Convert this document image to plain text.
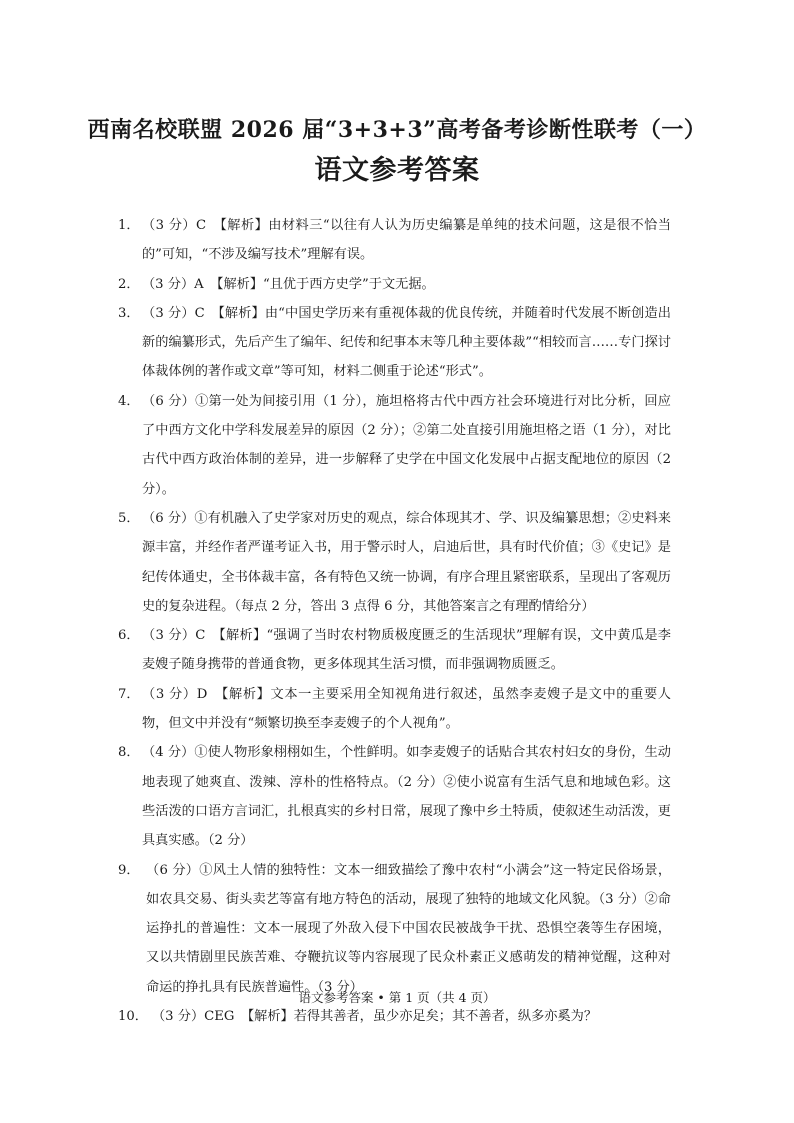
西南名校联盟 2026 届“3+3+3”高考备考诊断性联考（一）
语文参考答案
1． （3 分）C　【解析】由材料三“以往有人认为历史编纂是单纯的技术问题，这是很不恰当的”可知，“不涉及编写技术”理解有误。
2． （3 分）A　【解析】“且优于西方史学”于文无据。
3． （3 分）C　【解析】由“中国史学历来有重视体裁的优良传统，并随着时代发展不断创造出新的编纂形式，先后产生了编年、纪传和纪事本末等几种主要体裁”“相较而言……专门探讨体裁体例的著作或文章”等可知，材料二侧重于论述“形式”。
4． （6 分）①第一处为间接引用（1 分），施坦格将古代中西方社会环境进行对比分析，回应了中西方文化中学科发展差异的原因（2 分）；②第二处直接引用施坦格之语（1 分），对比古代中西方政治体制的差异，进一步解释了史学在中国文化发展中占据支配地位的原因（2 分）。
5． （6 分）①有机融入了史学家对历史的观点，综合体现其才、学、识及编纂思想；②史料来源丰富，并经作者严谨考证入书，用于警示时人，启迪后世，具有时代价值；③《史记》是纪传体通史，全书体裁丰富，各有特色又统一协调，有序合理且紧密联系，呈现出了客观历史的复杂进程。（每点 2 分，答出 3 点得 6 分，其他答案言之有理酌情给分）
6． （3 分）C　【解析】“强调了当时农村物质极度匮乏的生活现状”理解有误，文中黄瓜是李麦嫂子随身携带的普通食物，更多体现其生活习惯，而非强调物质匮乏。
7． （3 分）D　【解析】文本一主要采用全知视角进行叙述，虽然李麦嫂子是文中的重要人物，但文中并没有“频繁切换至李麦嫂子的个人视角”。
8． （4 分）①使人物形象栩栩如生，个性鲜明。如李麦嫂子的话贴合其农村妇女的身份，生动地表现了她爽直、泼辣、淳朴的性格特点。（2 分）②使小说富有生活气息和地域色彩。这些活泼的口语方言词汇，扎根真实的乡村日常，展现了豫中乡土特质，使叙述生动活泼，更具真实感。（2 分）
9． （6 分）①风土人情的独特性：文本一细致描绘了豫中农村“小满会”这一特定民俗场景，如农具交易、街头卖艺等富有地方特色的活动，展现了独特的地域文化风貌。（3 分）②命运挣扎的普遍性：文本一展现了外敌入侵下中国农民被战争干扰、恐惧空袭等生存困境，又以共情剧里民族苦难、夺鞭抗议等内容展现了民众朴素正义感萌发的精神觉醒，这种对命运的挣扎具有民族普遍性。（3 分）
10． （3 分）CEG　【解析】若得其善者，虽少亦足矣；其不善者，纵多亦奚为？
语文参考答案 • 第 1 页（共 4 页）
